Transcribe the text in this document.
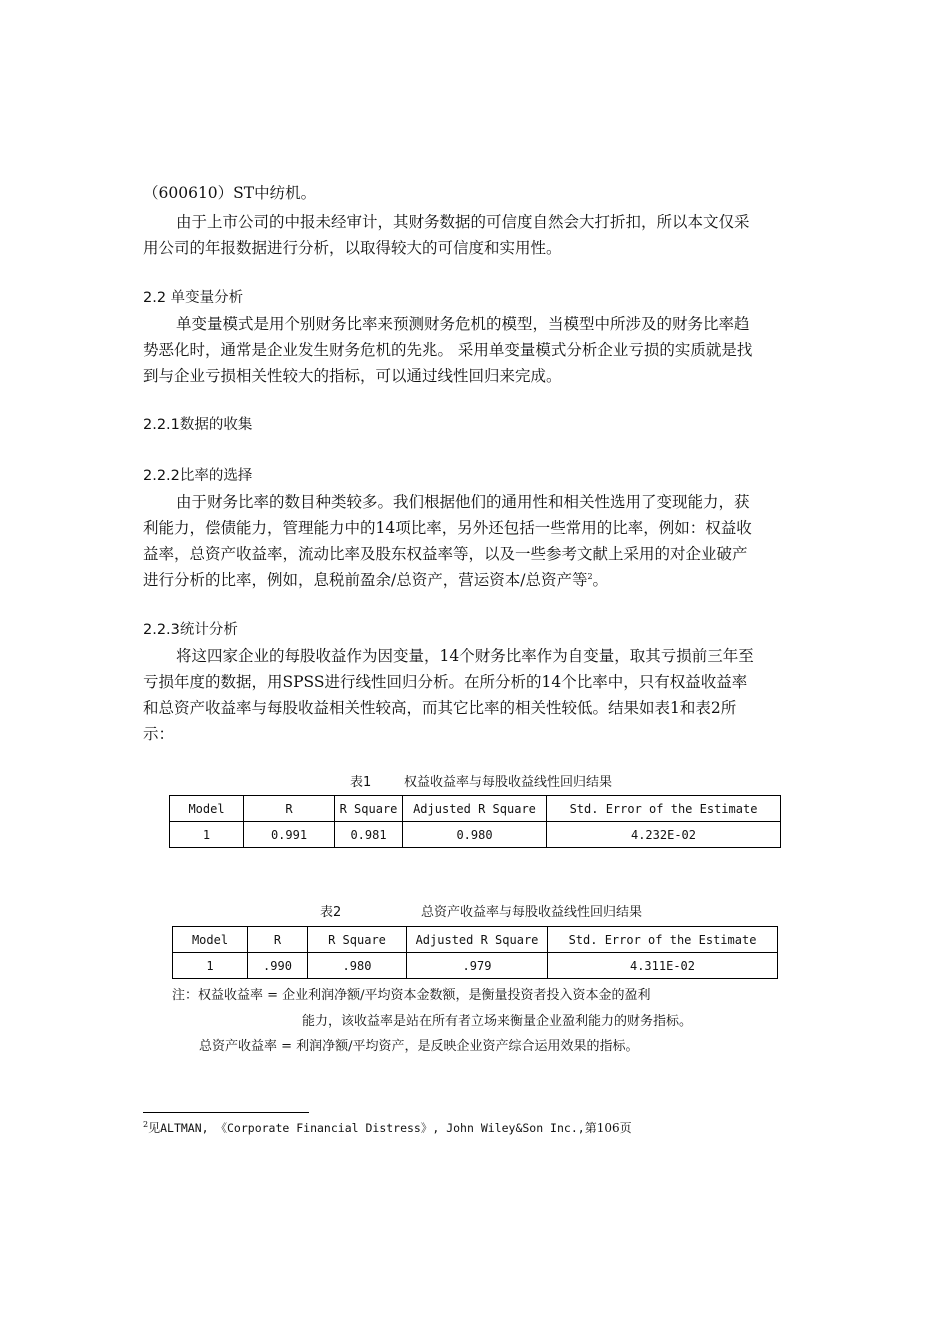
（600610）ST中纺机。
由于上市公司的中报未经审计，其财务数据的可信度自然会大打折扣，所以本文仅采
用公司的年报数据进行分析，以取得较大的可信度和实用性。
2.2 单变量分析
单变量模式是用个别财务比率来预测财务危机的模型，当模型中所涉及的财务比率趋
势恶化时，通常是企业发生财务危机的先兆。 采用单变量模式分析企业亏损的实质就是找
到与企业亏损相关性较大的指标，可以通过线性回归来完成。
2.2.1数据的收集
2.2.2比率的选择
由于财务比率的数目种类较多。我们根据他们的通用性和相关性选用了变现能力，获
利能力，偿债能力，管理能力中的14项比率，另外还包括一些常用的比率，例如：权益收
益率，总资产收益率，流动比率及股东权益率等，以及一些参考文献上采用的对企业破产
进行分析的比率，例如，息税前盈余/总资产，营运资本/总资产等$^2$。
2.2.3统计分析
将这四家企业的每股收益作为因变量，14个财务比率作为自变量，取其亏损前三年至
亏损年度的数据，用SPSS进行线性回归分析。在所分析的14个比率中，只有权益收益率
和总资产收益率与每股收益相关性较高，而其它比率的相关性较低。结果如表1和表2所
示：
表1	权益收益率与每股收益线性回归结果
Model	R	R Square	Adjusted R Square	Std. Error of the Estimate
1	0.991	0.981	0.980	4.232E-02
表2	总资产收益率与每股收益线性回归结果
Model	R	R Square	Adjusted R Square	Std. Error of the Estimate
1	.990	.980	.979	4.311E-02
注：权益收益率 = 企业利润净额/平均资本金数额，是衡量投资者投入资本金的盈利
能力，该收益率是站在所有者立场来衡量企业盈利能力的财务指标。
总资产收益率 = 利润净额/平均资产，是反映企业资产综合运用效果的指标。
$^2$见ALTMAN, 《Corporate Financial Distress》, John Wiley&Son Inc.,第106页
